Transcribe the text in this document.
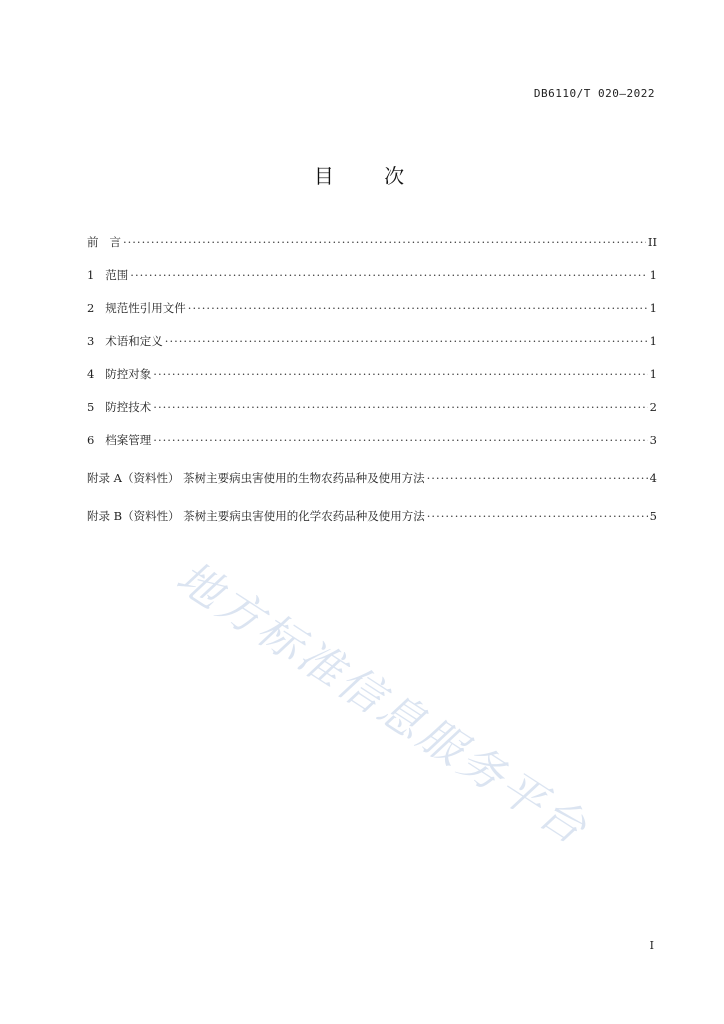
DB6110/T 020—2022
目 次
前   言 ·····	II
1   范围 ·····	1
2   规范性引用文件 ·····	1
3   术语和定义 ·····	1
4   防控对象 ·····	1
5   防控技术 ·····	2
6   档案管理 ·····	3
附录 A（资料性） 茶树主要病虫害使用的生物农药品种及使用方法 ·····	4
附录 B（资料性） 茶树主要病虫害使用的化学农药品种及使用方法 ·····	5
地方标准信息服务平台
I
